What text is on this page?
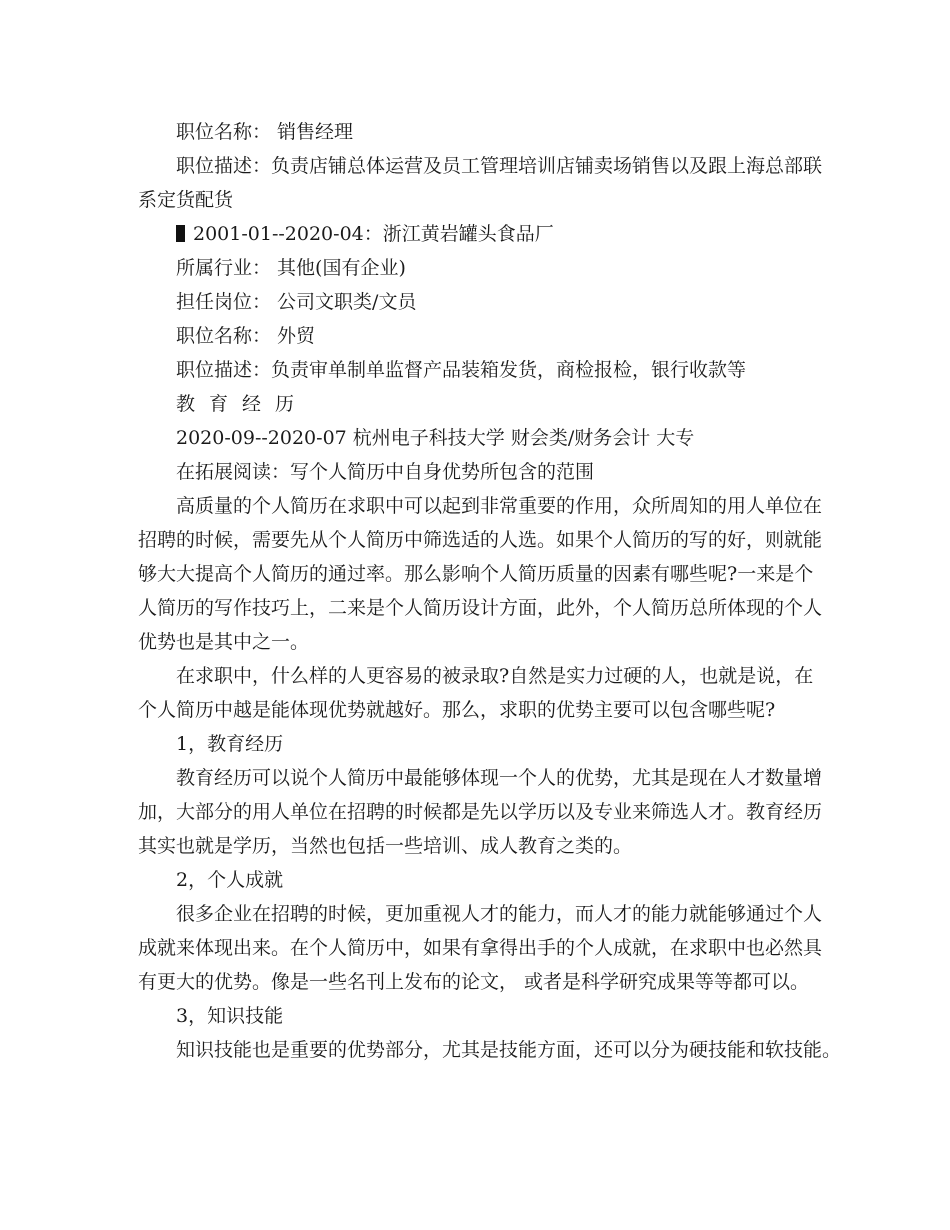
职位名称： 销售经理
职位描述：负责店铺总体运营及员工管理培训店铺卖场销售以及跟上海总部联
系定货配货
2001-01--2020-04：浙江黄岩罐头食品厂
所属行业： 其他(国有企业)
担任岗位： 公司文职类/文员
职位名称： 外贸
职位描述：负责审单制单监督产品装箱发货，商检报检，银行收款等
教育经历
2020-09--2020-07 杭州电子科技大学 财会类/财务会计 大专
在拓展阅读：写个人简历中自身优势所包含的范围
高质量的个人简历在求职中可以起到非常重要的作用，众所周知的用人单位在
招聘的时候，需要先从个人简历中筛选适的人选。如果个人简历的写的好，则就能
够大大提高个人简历的通过率。那么影响个人简历质量的因素有哪些呢?一来是个
人简历的写作技巧上，二来是个人简历设计方面，此外，个人简历总所体现的个人
优势也是其中之一。
在求职中，什么样的人更容易的被录取?自然是实力过硬的人，也就是说，在
个人简历中越是能体现优势就越好。那么，求职的优势主要可以包含哪些呢?
1，教育经历
教育经历可以说个人简历中最能够体现一个人的优势，尤其是现在人才数量增
加，大部分的用人单位在招聘的时候都是先以学历以及专业来筛选人才。教育经历
其实也就是学历，当然也包括一些培训、成人教育之类的。
2，个人成就
很多企业在招聘的时候，更加重视人才的能力，而人才的能力就能够通过个人
成就来体现出来。在个人简历中，如果有拿得出手的个人成就，在求职中也必然具
有更大的优势。像是一些名刊上发布的论文， 或者是科学研究成果等等都可以。
3，知识技能
知识技能也是重要的优势部分，尤其是技能方面，还可以分为硬技能和软技能。
